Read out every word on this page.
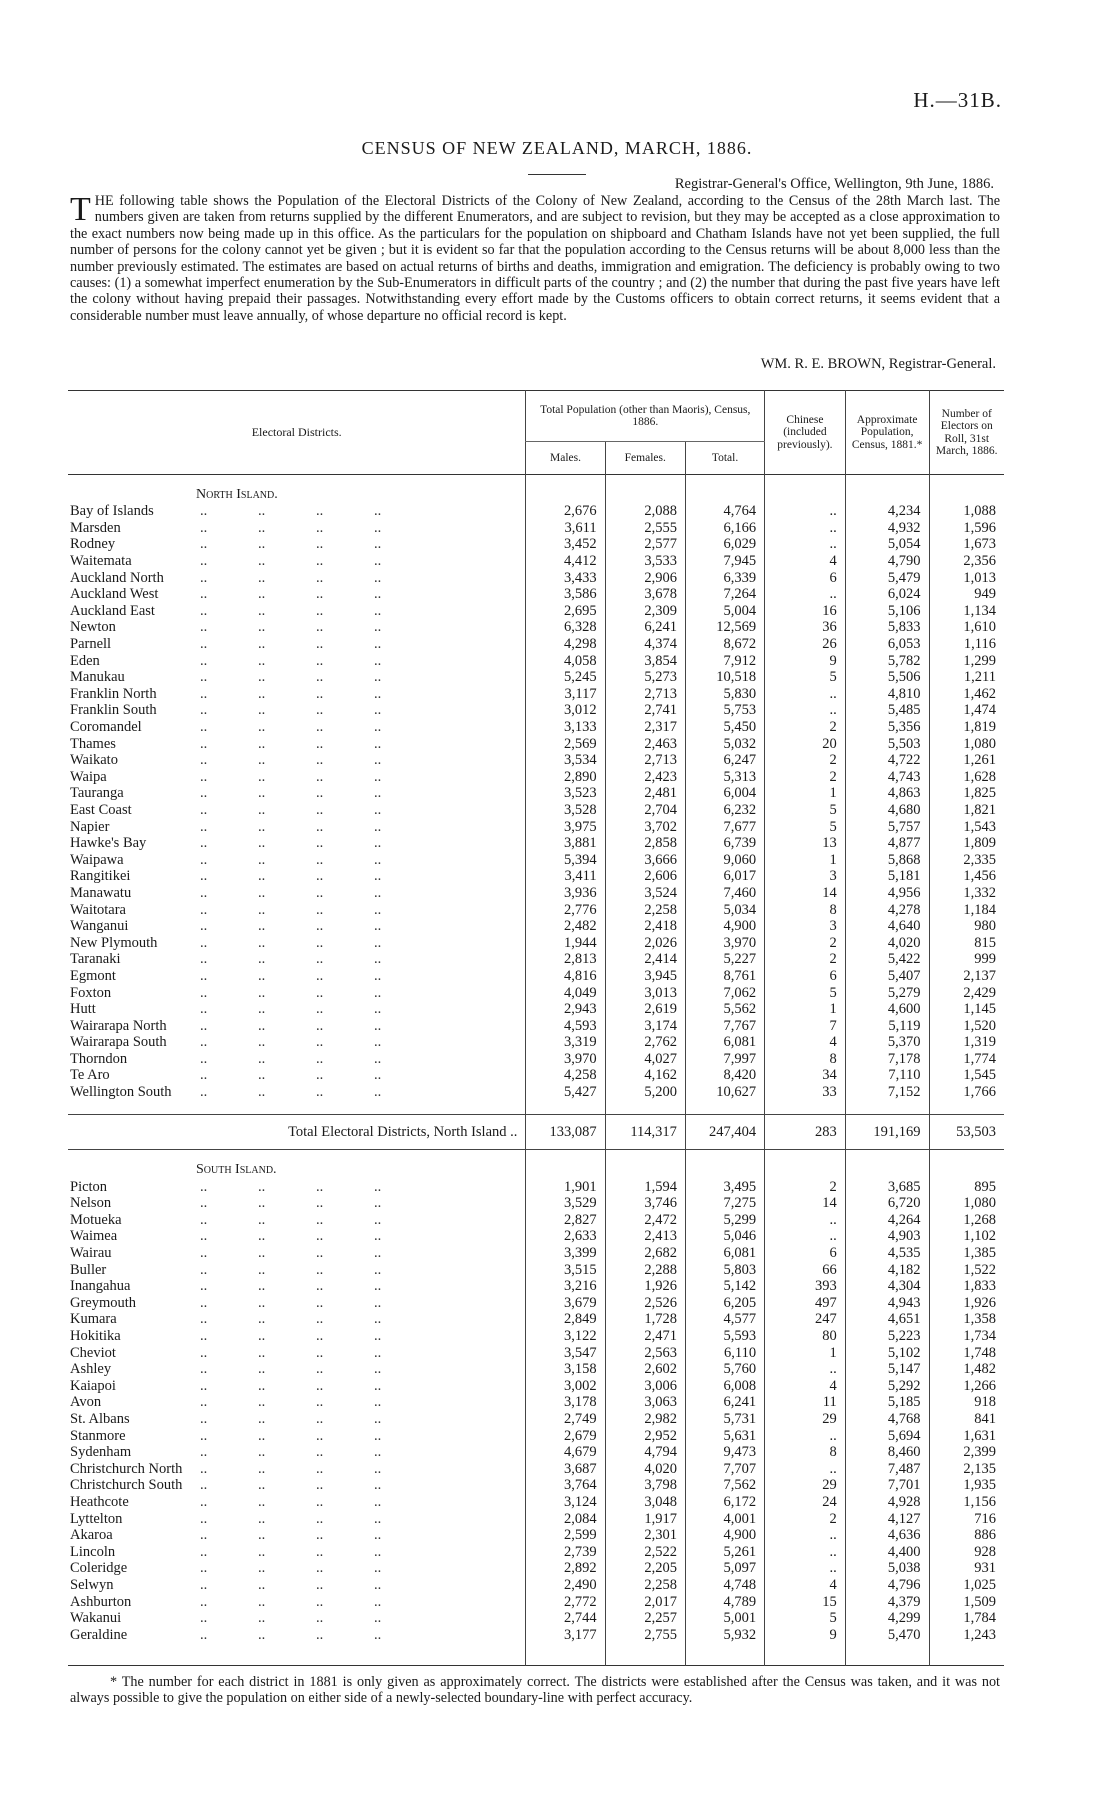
H.—31B.
CENSUS OF NEW ZEALAND, MARCH, 1886.
Registrar-General's Office, Wellington, 9th June, 1886.
THE following table shows the Population of the Electoral Districts of the Colony of New Zealand, according to the Census of the 28th March last. The numbers given are taken from returns supplied by the different Enumerators, and are subject to revision, but they may be accepted as a close approximation to the exact numbers now being made up in this office. As the particulars for the population on shipboard and Chatham Islands have not yet been supplied, the full number of persons for the colony cannot yet be given ; but it is evident so far that the population according to the Census returns will be about 8,000 less than the number previously estimated. The estimates are based on actual returns of births and deaths, immigration and emigration. The deficiency is probably owing to two causes: (1) a somewhat imperfect enumeration by the Sub-Enumerators in difficult parts of the country ; and (2) the number that during the past five years have left the colony without having prepaid their passages. Notwithstanding every effort made by the Customs officers to obtain correct returns, it seems evident that a considerable number must leave annually, of whose departure no official record is kept.
WM. R. E. BROWN, Registrar-General.
Electoral Districts.	Total Population (other than Maoris), Census, 1886.			Chinese (included previously).	Approximate Population, Census, 1881.*	Number of Electors on Roll, 31st March, 1886.
	Males.	Females.	Total.			
North Island.						
Bay of Islands .. .. .. ..	2,676	2,088	4,764	..	4,234	1,088
Marsden .. .. .. ..	3,611	2,555	6,166	..	4,932	1,596
Rodney .. .. .. ..	3,452	2,577	6,029	..	5,054	1,673
Waitemata .. .. .. ..	4,412	3,533	7,945	4	4,790	2,356
Auckland North .. .. .. ..	3,433	2,906	6,339	6	5,479	1,013
Auckland West .. .. .. ..	3,586	3,678	7,264	..	6,024	949
Auckland East .. .. .. ..	2,695	2,309	5,004	16	5,106	1,134
Newton .. .. .. ..	6,328	6,241	12,569	36	5,833	1,610
Parnell .. .. .. ..	4,298	4,374	8,672	26	6,053	1,116
Eden .. .. .. ..	4,058	3,854	7,912	9	5,782	1,299
Manukau .. .. .. ..	5,245	5,273	10,518	5	5,506	1,211
Franklin North .. .. .. ..	3,117	2,713	5,830	..	4,810	1,462
Franklin South .. .. .. ..	3,012	2,741	5,753	..	5,485	1,474
Coromandel .. .. .. ..	3,133	2,317	5,450	2	5,356	1,819
Thames .. .. .. ..	2,569	2,463	5,032	20	5,503	1,080
Waikato .. .. .. ..	3,534	2,713	6,247	2	4,722	1,261
Waipa .. .. .. ..	2,890	2,423	5,313	2	4,743	1,628
Tauranga .. .. .. ..	3,523	2,481	6,004	1	4,863	1,825
East Coast .. .. .. ..	3,528	2,704	6,232	5	4,680	1,821
Napier .. .. .. ..	3,975	3,702	7,677	5	5,757	1,543
Hawke's Bay .. .. .. ..	3,881	2,858	6,739	13	4,877	1,809
Waipawa .. .. .. ..	5,394	3,666	9,060	1	5,868	2,335
Rangitikei .. .. .. ..	3,411	2,606	6,017	3	5,181	1,456
Manawatu .. .. .. ..	3,936	3,524	7,460	14	4,956	1,332
Waitotara .. .. .. ..	2,776	2,258	5,034	8	4,278	1,184
Wanganui .. .. .. ..	2,482	2,418	4,900	3	4,640	980
New Plymouth .. .. .. ..	1,944	2,026	3,970	2	4,020	815
Taranaki .. .. .. ..	2,813	2,414	5,227	2	5,422	999
Egmont .. .. .. ..	4,816	3,945	8,761	6	5,407	2,137
Foxton .. .. .. ..	4,049	3,013	7,062	5	5,279	2,429
Hutt .. .. .. ..	2,943	2,619	5,562	1	4,600	1,145
Wairarapa North .. .. .. ..	4,593	3,174	7,767	7	5,119	1,520
Wairarapa South .. .. .. ..	3,319	2,762	6,081	4	5,370	1,319
Thorndon .. .. .. ..	3,970	4,027	7,997	8	7,178	1,774
Te Aro .. .. .. ..	4,258	4,162	8,420	34	7,110	1,545
Wellington South .. .. .. ..	5,427	5,200	10,627	33	7,152	1,766

Total Electoral Districts, North Island ..	133,087	114,317	247,404	283	191,169	53,503
South Island.						
Picton .. .. .. ..	1,901	1,594	3,495	2	3,685	895
Nelson .. .. .. ..	3,529	3,746	7,275	14	6,720	1,080
Motueka .. .. .. ..	2,827	2,472	5,299	..	4,264	1,268
Waimea .. .. .. ..	2,633	2,413	5,046	..	4,903	1,102
Wairau .. .. .. ..	3,399	2,682	6,081	6	4,535	1,385
Buller .. .. .. ..	3,515	2,288	5,803	66	4,182	1,522
Inangahua .. .. .. ..	3,216	1,926	5,142	393	4,304	1,833
Greymouth .. .. .. ..	3,679	2,526	6,205	497	4,943	1,926
Kumara .. .. .. ..	2,849	1,728	4,577	247	4,651	1,358
Hokitika .. .. .. ..	3,122	2,471	5,593	80	5,223	1,734
Cheviot .. .. .. ..	3,547	2,563	6,110	1	5,102	1,748
Ashley .. .. .. ..	3,158	2,602	5,760	..	5,147	1,482
Kaiapoi .. .. .. ..	3,002	3,006	6,008	4	5,292	1,266
Avon .. .. .. ..	3,178	3,063	6,241	11	5,185	918
St. Albans .. .. .. ..	2,749	2,982	5,731	29	4,768	841
Stanmore .. .. .. ..	2,679	2,952	5,631	..	5,694	1,631
Sydenham .. .. .. ..	4,679	4,794	9,473	8	8,460	2,399
Christchurch North .. .. .. ..	3,687	4,020	7,707	..	7,487	2,135
Christchurch South .. .. .. ..	3,764	3,798	7,562	29	7,701	1,935
Heathcote .. .. .. ..	3,124	3,048	6,172	24	4,928	1,156
Lyttelton .. .. .. ..	2,084	1,917	4,001	2	4,127	716
Akaroa .. .. .. ..	2,599	2,301	4,900	..	4,636	886
Lincoln .. .. .. ..	2,739	2,522	5,261	..	4,400	928
Coleridge .. .. .. ..	2,892	2,205	5,097	..	5,038	931
Selwyn .. .. .. ..	2,490	2,258	4,748	4	4,796	1,025
Ashburton .. .. .. ..	2,772	2,017	4,789	15	4,379	1,509
Wakanui .. .. .. ..	2,744	2,257	5,001	5	4,299	1,784
Geraldine .. .. .. ..	3,177	2,755	5,932	9	5,470	1,243

* The number for each district in 1881 is only given as approximately correct. The districts were established after the Census was taken, and it was not always possible to give the population on either side of a newly-selected boundary-line with perfect accuracy.
